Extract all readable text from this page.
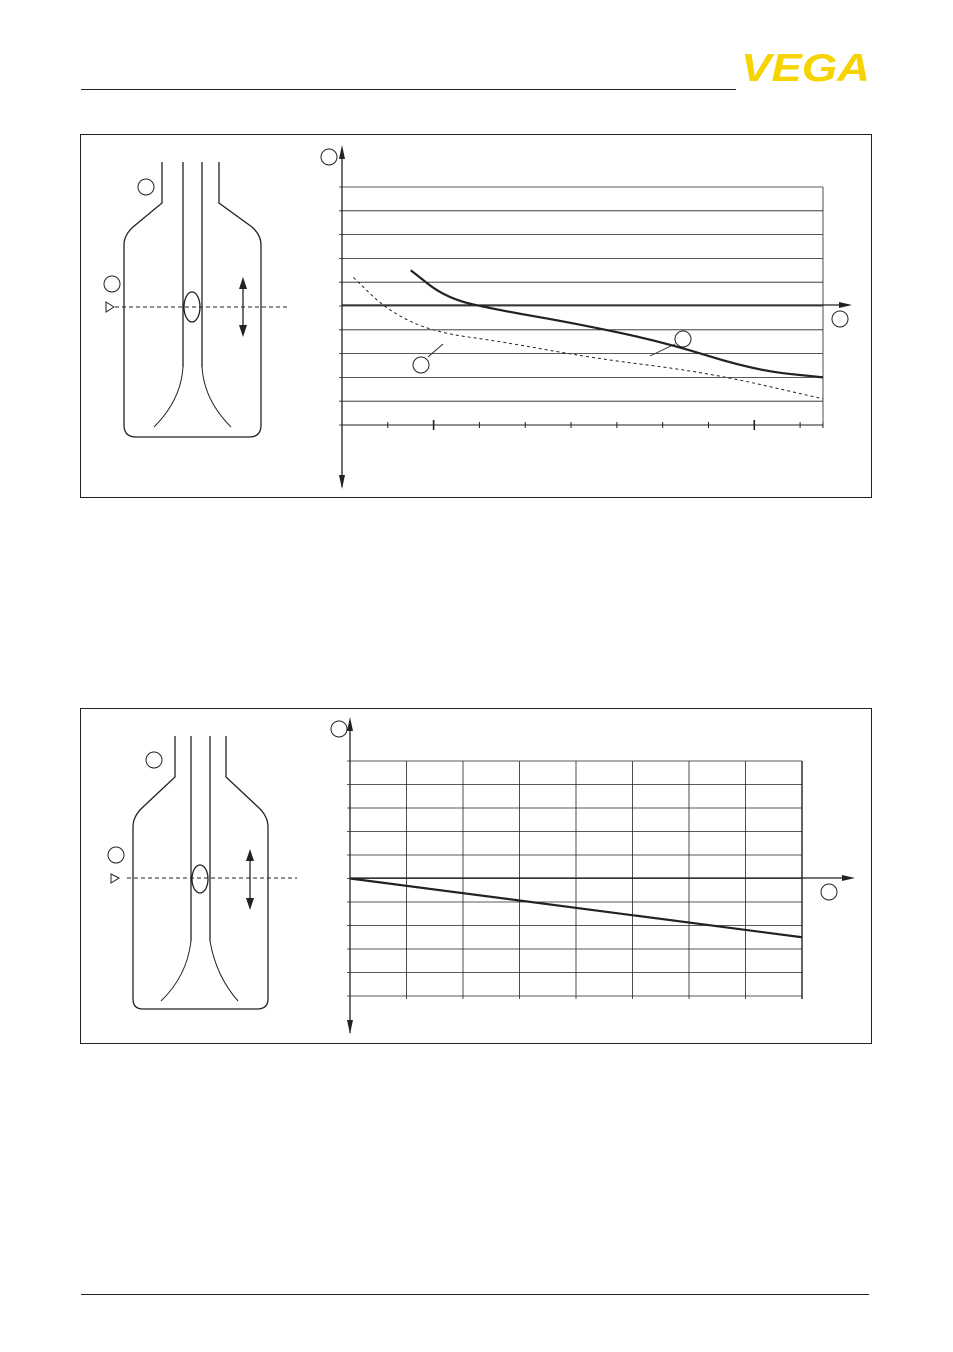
VEGA
